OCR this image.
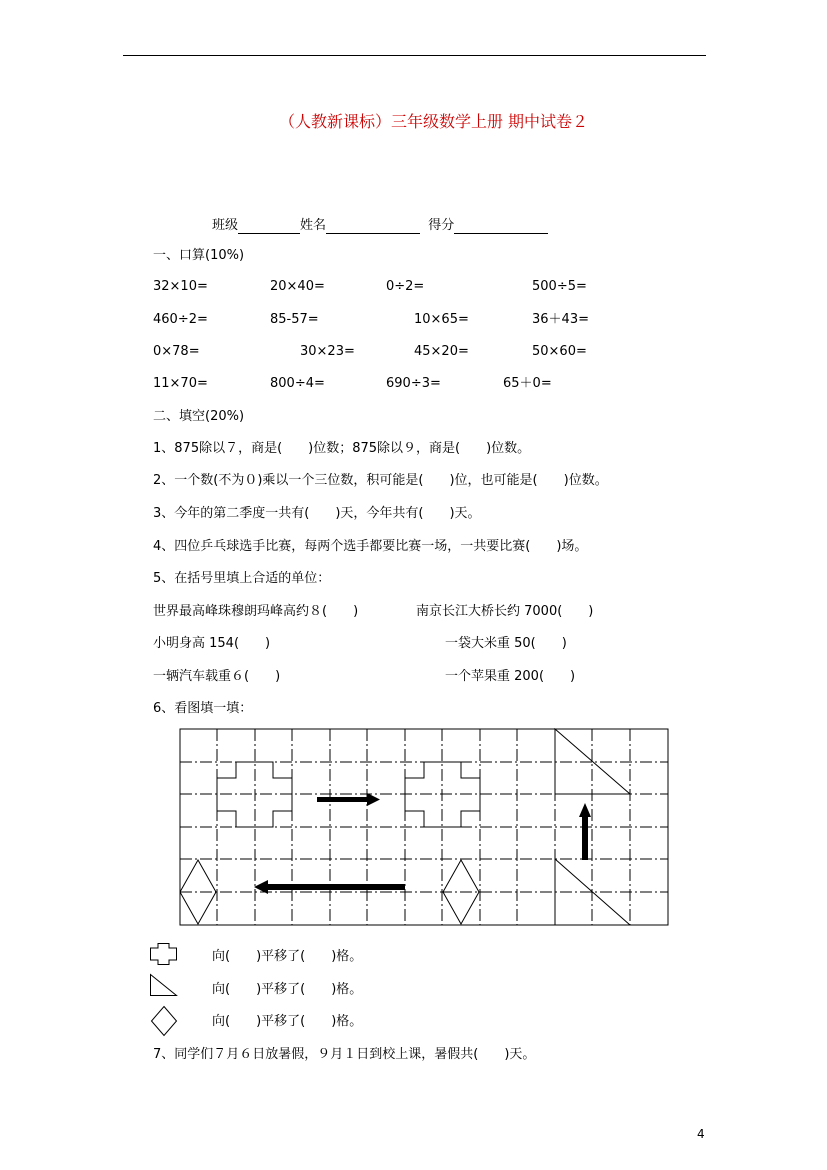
（人教新课标）三年级数学上册 期中试卷２
班级	姓名	得分
一、口算(10%)
32×10=	20×40=	0÷2=	500÷5=
460÷2=	85-57=	10×65=	36＋43=
0×78=	30×23=	45×20=	50×60=
11×70=	800÷4=	690÷3=	65＋0=
二、填空(20%)
1、875除以７，商是(　　)位数；875除以９，商是(　　)位数。
2、一个数(不为０)乘以一个三位数，积可能是(　　)位，也可能是(　　)位数。
3、今年的第二季度一共有(　　)天，今年共有(　　)天。
4、四位乒乓球选手比赛，每两个选手都要比赛一场，一共要比赛(　　)场。
5、在括号里填上合适的单位：
世界最高峰珠穆朗玛峰高约８(　　)	南京长江大桥长约 7000(　　)
小明身高 154(　　)	一袋大米重 50(　　)
一辆汽车载重６(　　)	一个苹果重 200(　　)
6、看图填一填：
向(　　)平移了(　　)格。
向(　　)平移了(　　)格。
向(　　)平移了(　　)格。
7、同学们７月６日放暑假，９月１日到校上课，暑假共(　　)天。
4
